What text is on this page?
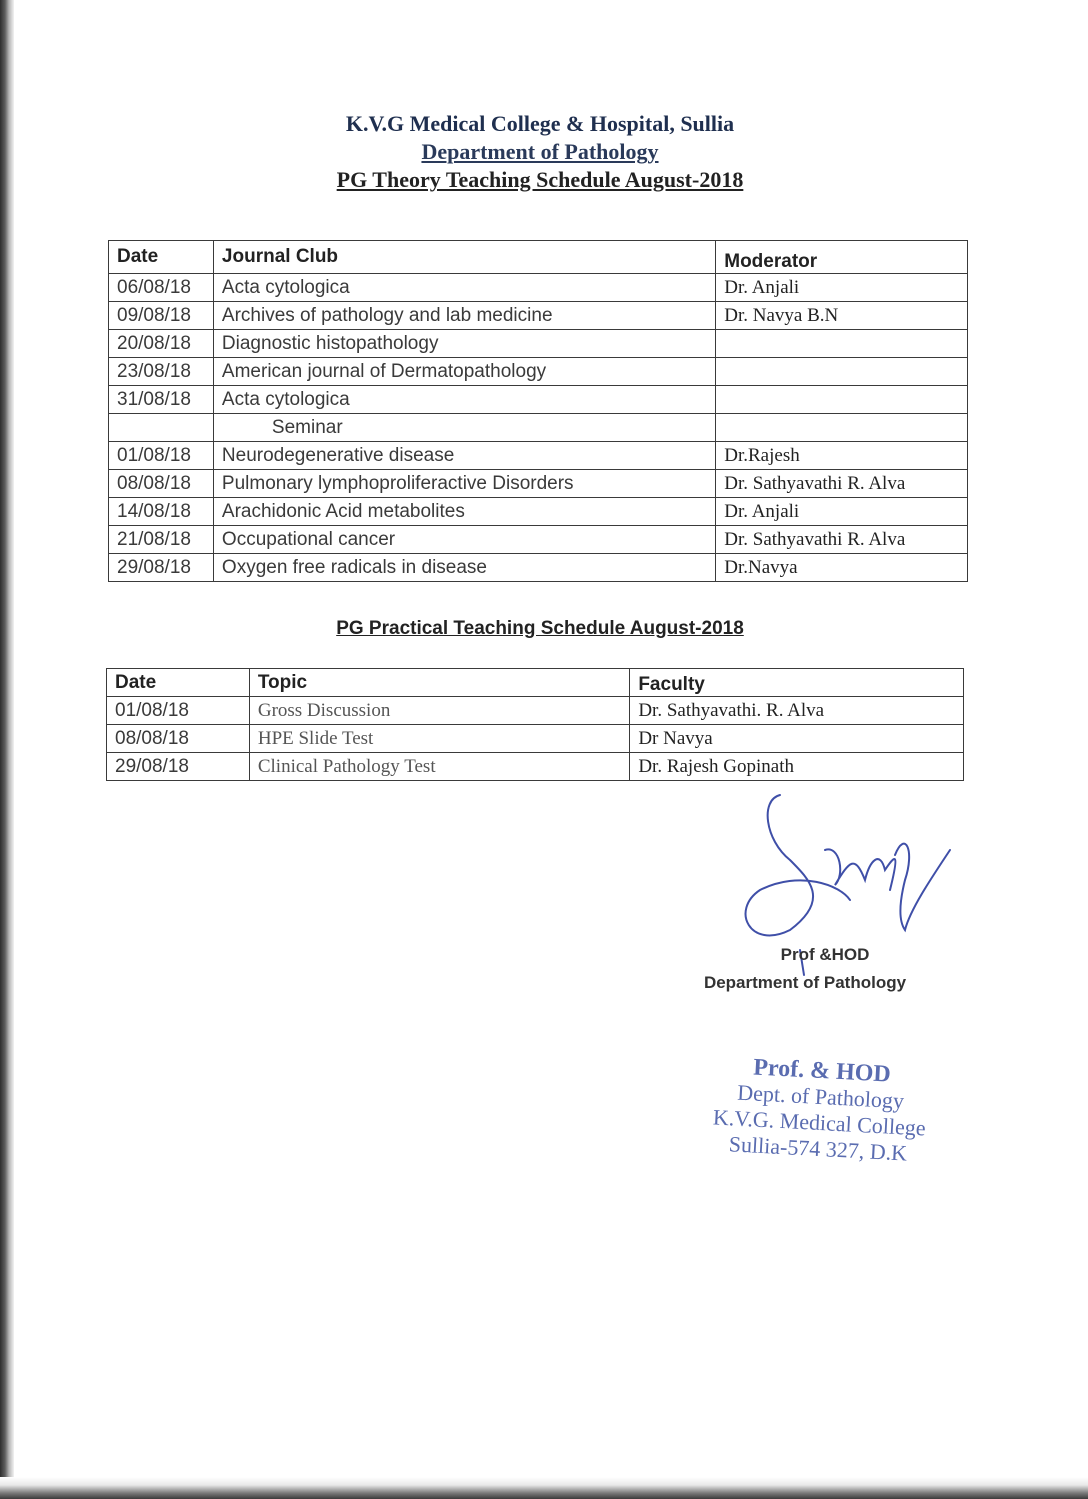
K.V.G Medical College & Hospital, Sullia
Department of Pathology
PG Theory Teaching Schedule August-2018
Date	Journal Club	Moderator
06/08/18	Acta cytologica	Dr. Anjali
09/08/18	Archives of pathology and lab medicine	Dr. Navya B.N
20/08/18	Diagnostic histopathology	
23/08/18	American journal of Dermatopathology	
31/08/18	Acta cytologica	
	Seminar	
01/08/18	Neurodegenerative disease	Dr.Rajesh
08/08/18	Pulmonary lymphoproliferactive Disorders	Dr. Sathyavathi R. Alva
14/08/18	Arachidonic Acid metabolites	Dr. Anjali
21/08/18	Occupational cancer	Dr. Sathyavathi R. Alva
29/08/18	Oxygen free radicals in disease	Dr.Navya
PG Practical Teaching Schedule August-2018
Date	Topic	Faculty
01/08/18	Gross Discussion	Dr. Sathyavathi. R. Alva
08/08/18	HPE Slide Test	Dr Navya
29/08/18	Clinical Pathology Test	Dr. Rajesh Gopinath
Prof &HOD
Department of Pathology
Prof. & HOD
Dept. of Pathology
K.V.G. Medical College
Sullia-574 327, D.K
